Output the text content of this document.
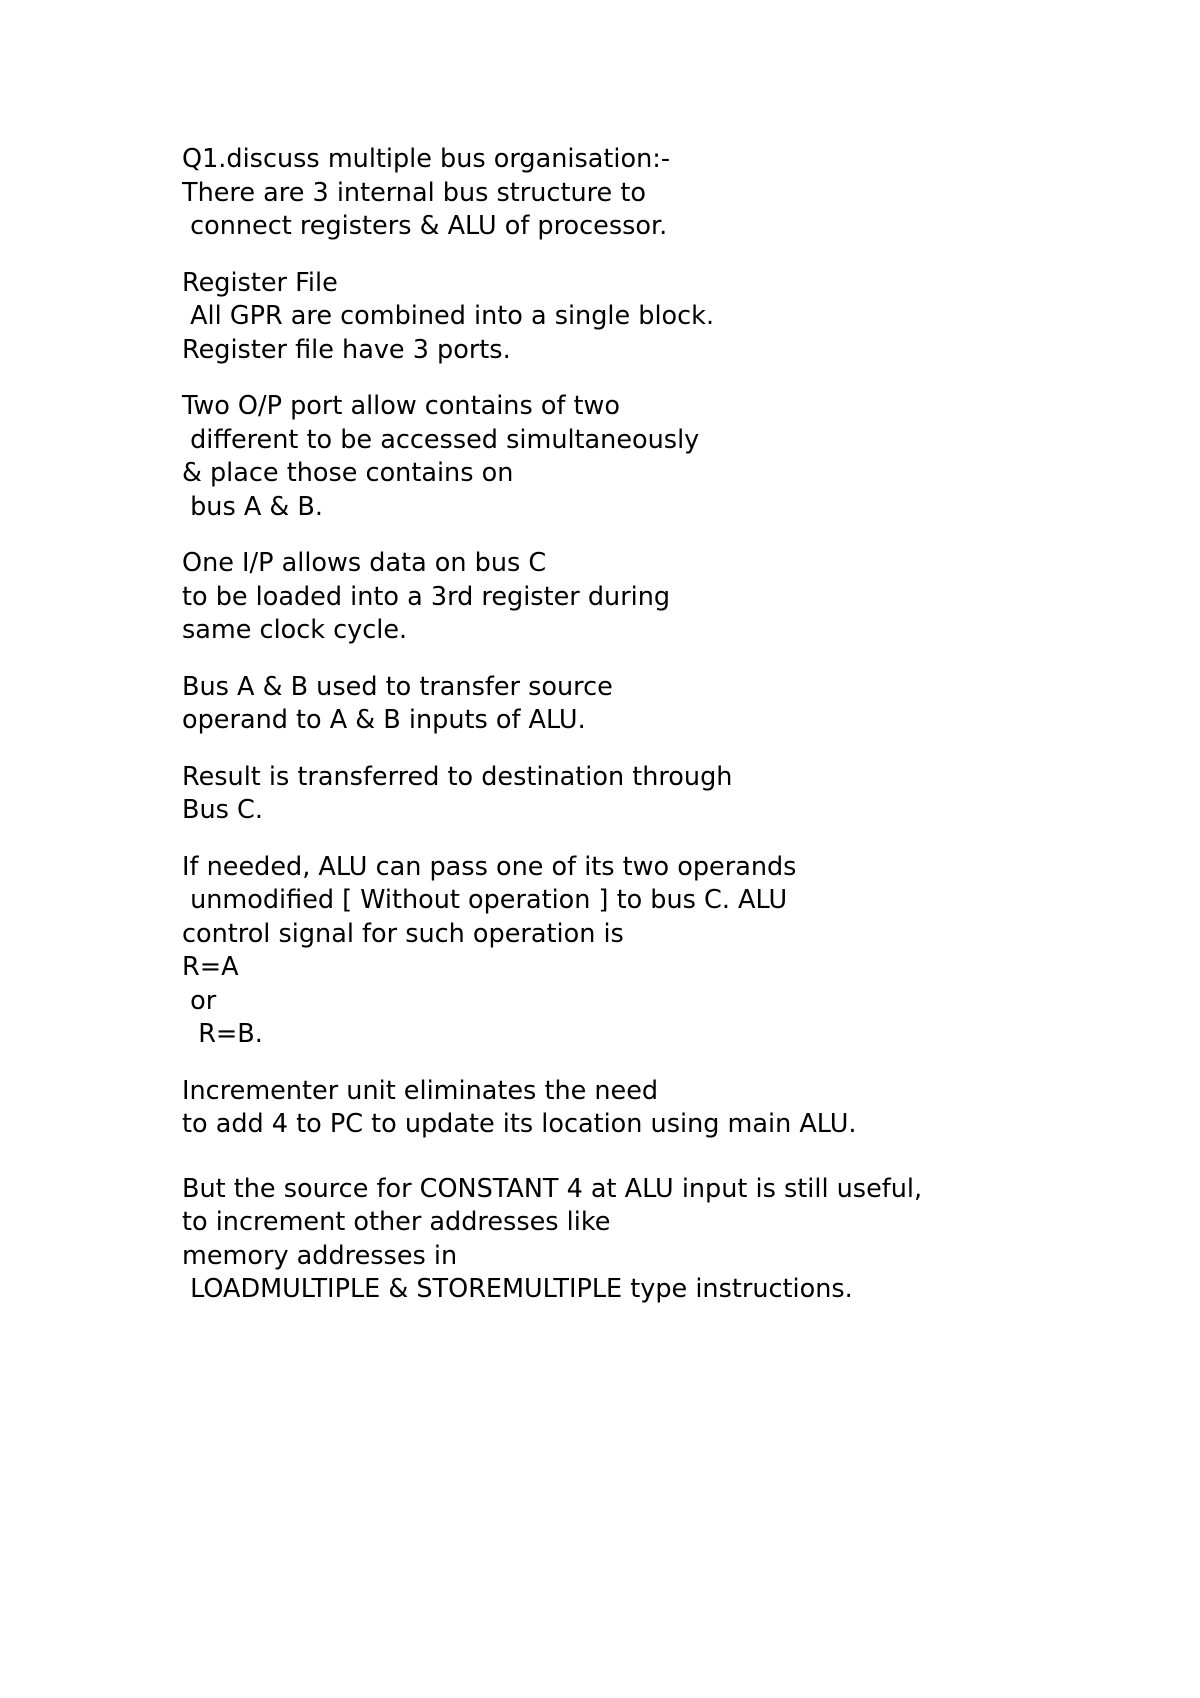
Q1.discuss multiple bus organisation:-
There are 3 internal bus structure to
connect registers & ALU of processor.
Register File
All GPR are combined into a single block.
Register file have 3 ports.
Two O/P port allow contains of two
different to be accessed simultaneously
& place those contains on
bus A & B.
One I/P allows data on bus C
to be loaded into a 3rd register during
same clock cycle.
Bus A & B used to transfer source
operand to A & B inputs of ALU.
Result is transferred to destination through
Bus C.
If needed, ALU can pass one of its two operands
unmodified [ Without operation ] to bus C. ALU
control signal for such operation is
R=A
or
R=B.
Incrementer unit eliminates the need
to add 4 to PC to update its location using main ALU.
But the source for CONSTANT 4 at ALU input is still useful,
to increment other addresses like
memory addresses in
LOADMULTIPLE & STOREMULTIPLE type instructions.
